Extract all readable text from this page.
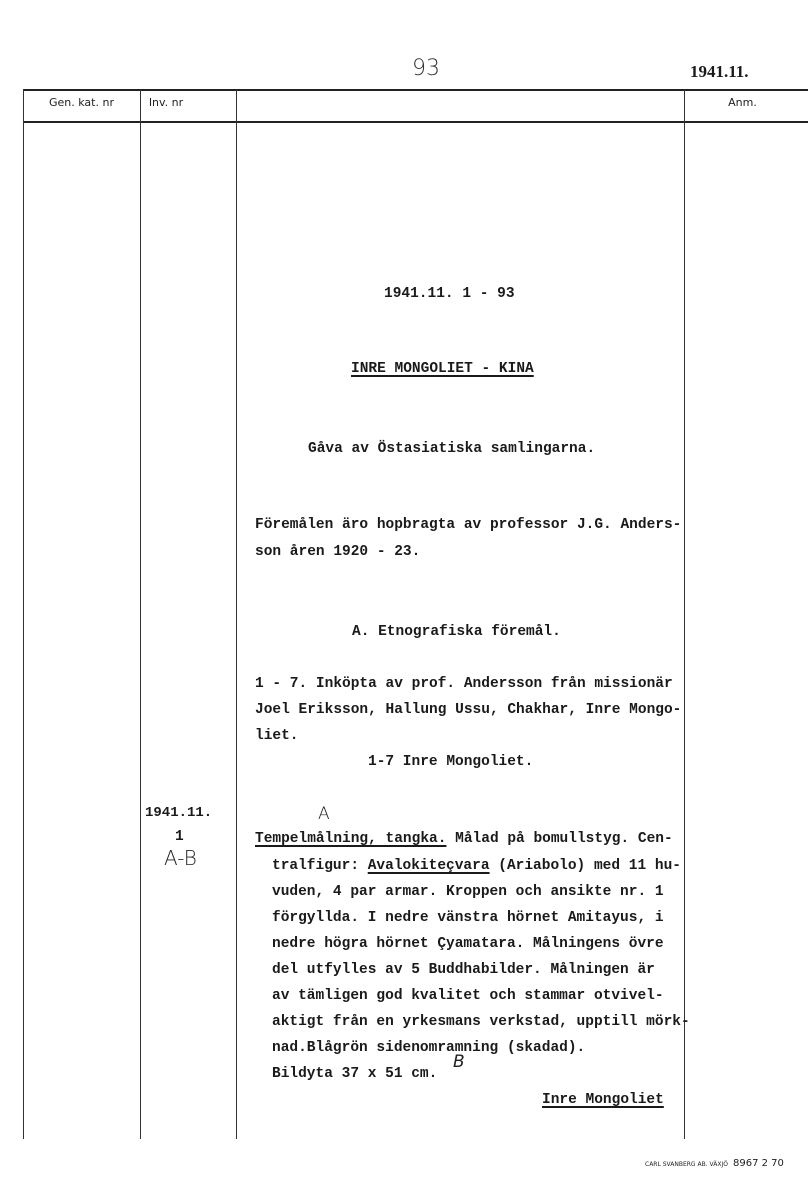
93	1941.11.
Gen. kat. nr	Inv. nr	Anm.
1941.11. 1 - 93
INRE MONGOLIET - KINA
Gåva av Östasiatiska samlingarna.
Föremålen äro hopbragta av professor J.G. Anders-
son åren 1920 - 23.
A. Etnografiska föremål.
1 - 7. Inköpta av prof. Andersson från missionär
Joel Eriksson, Hallung Ussu, Chakhar, Inre Mongo-
liet.
1-7 Inre Mongoliet.
1941.11.
1
A-B
A
Tempelmålning, tangka. Målad på bomullstyg. Cen-
tralfigur: Avalokiteçvara (Ariabolo) med 11 hu-
vuden, 4 par armar. Kroppen och ansikte nr. 1
förgyllda. I nedre vänstra hörnet Amitayus, i
nedre högra hörnet Çyamatara. Målningens övre
del utfylles av 5 Buddhabilder. Målningen är
av tämligen god kvalitet och stammar otvivel-
aktigt från en yrkesmans verkstad, upptill mörk-
nad.Blågrön sidenomramning (skadad).
Bildyta 37 x 51 cm.
B
Inre Mongoliet
CARL SVANBERG AB. VÄXJÖ 8967 2 70
